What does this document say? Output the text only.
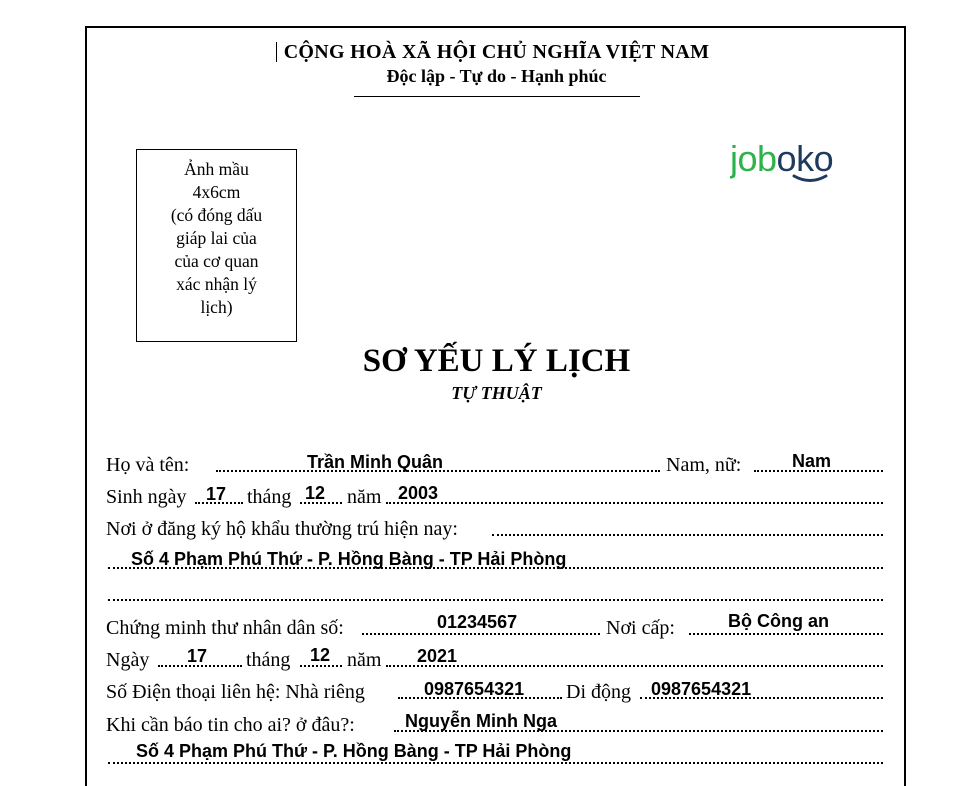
CỘNG HOÀ XÃ HỘI CHỦ NGHĨA VIỆT NAM
Độc lập - Tự do - Hạnh phúc
Ảnh mầu
4x6cm
(có đóng dấu
giáp lai của
của cơ quan
xác nhận lý
lịch)
joboko
SƠ YẾU LÝ LỊCH
TỰ THUẬT
Họ và tên:	Trần Minh Quân	Nam, nữ:	Nam
Sinh ngày 17 tháng 12 năm 2003
Nơi ở đăng ký hộ khẩu thường trú hiện nay:
Số 4 Phạm Phú Thứ - P. Hồng Bàng - TP Hải Phòng
Chứng minh thư nhân dân số:	01234567	Nơi cấp:	Bộ Công an
Ngày 17 tháng 12 năm 2021
Số Điện thoại liên hệ: Nhà riêng	0987654321 Di động 0987654321
Khi cần báo tin cho ai? ở đâu?:	Nguyễn Minh Nga
Số 4 Phạm Phú Thứ - P. Hồng Bàng - TP Hải Phòng
